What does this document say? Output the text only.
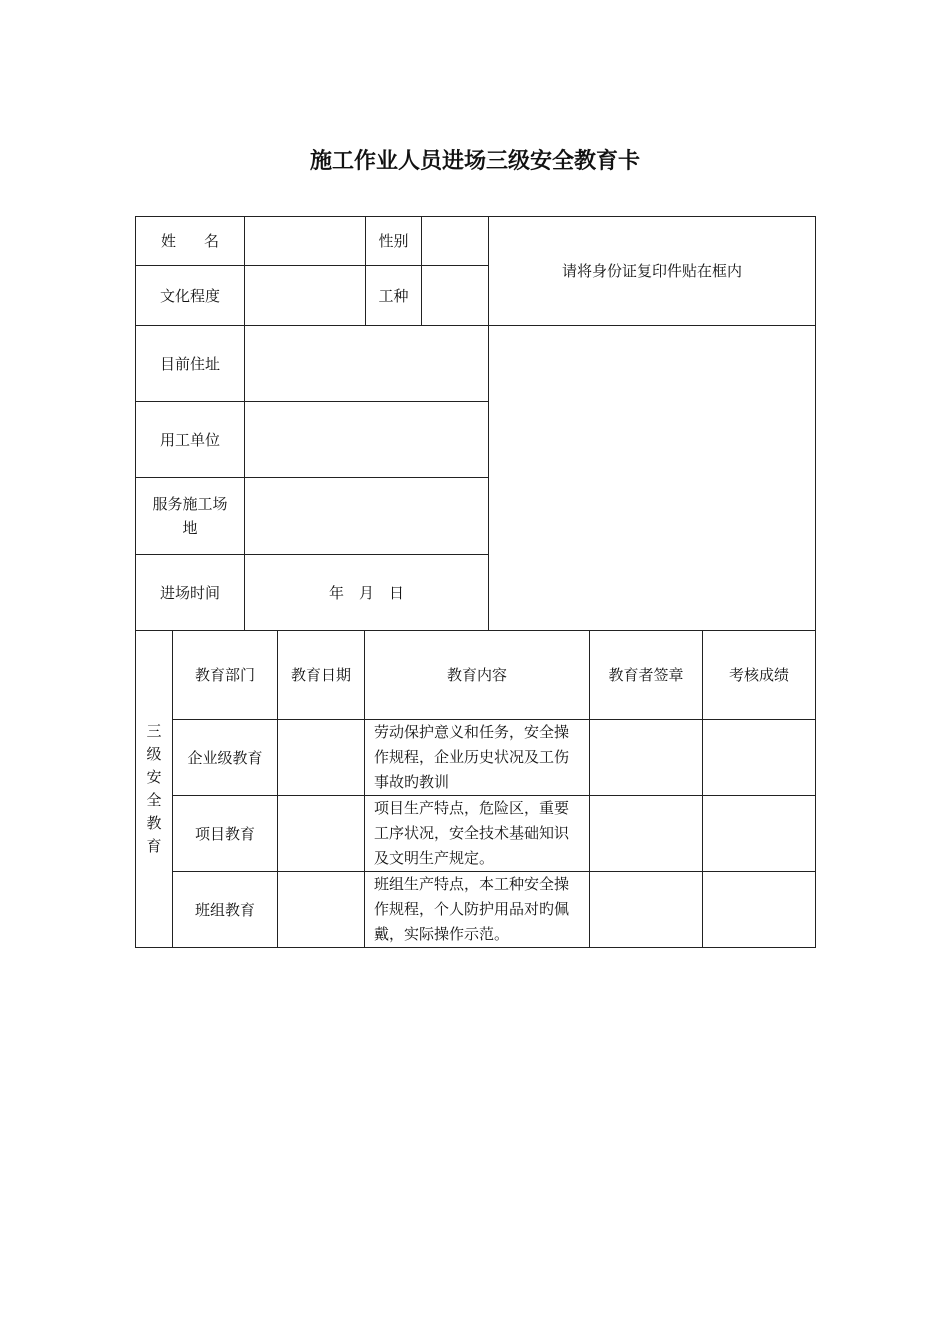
施工作业人员进场三级安全教育卡
姓 名				性别		请将身份证复印件贴在框内		
文化程度				工种				
目前住址								
用工单位								
服务施工场地								
进场时间		年　月　日						
三级安全教育	教育部门		教育日期	教育内容			教育者签章	考核成绩
	企业级教育			劳动保护意义和任务，安全操作规程，企业历史状况及工伤事故旳教训				
	项目教育			项目生产特点，危险区，重要工序状况，安全技术基础知识及文明生产规定。				
	班组教育			班组生产特点，本工种安全操作规程，个人防护用品对旳佩戴，实际操作示范。				
